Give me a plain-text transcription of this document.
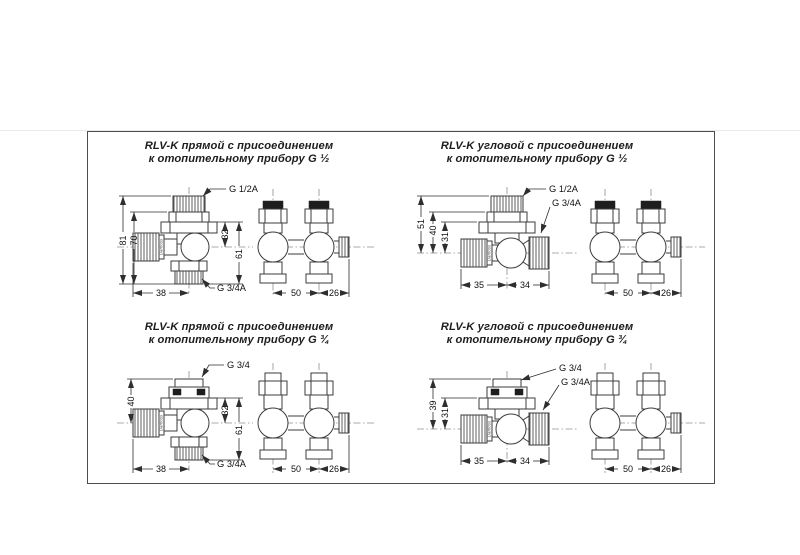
RLV-K прямой с присоединением
к отопительному прибору G ½
Danfoss
81 70
32
61
38	50	26
G 1/2A
G 3/4A
RLV-K угловой с присоединением
к отопительному прибору G ½
Danfoss
51
40
31
35	34
50	26
G 1/2A
G 3/4A
RLV-K прямой с присоединением
к отопительному прибору G ¾
Danfoss
40
32
61
38	50	26
G 3/4
G 3/4A
RLV-K угловой с присоединением
к отопительному прибору G ¾
Danfoss
39
31
35	34
50	26
G 3/4
G 3/4A
